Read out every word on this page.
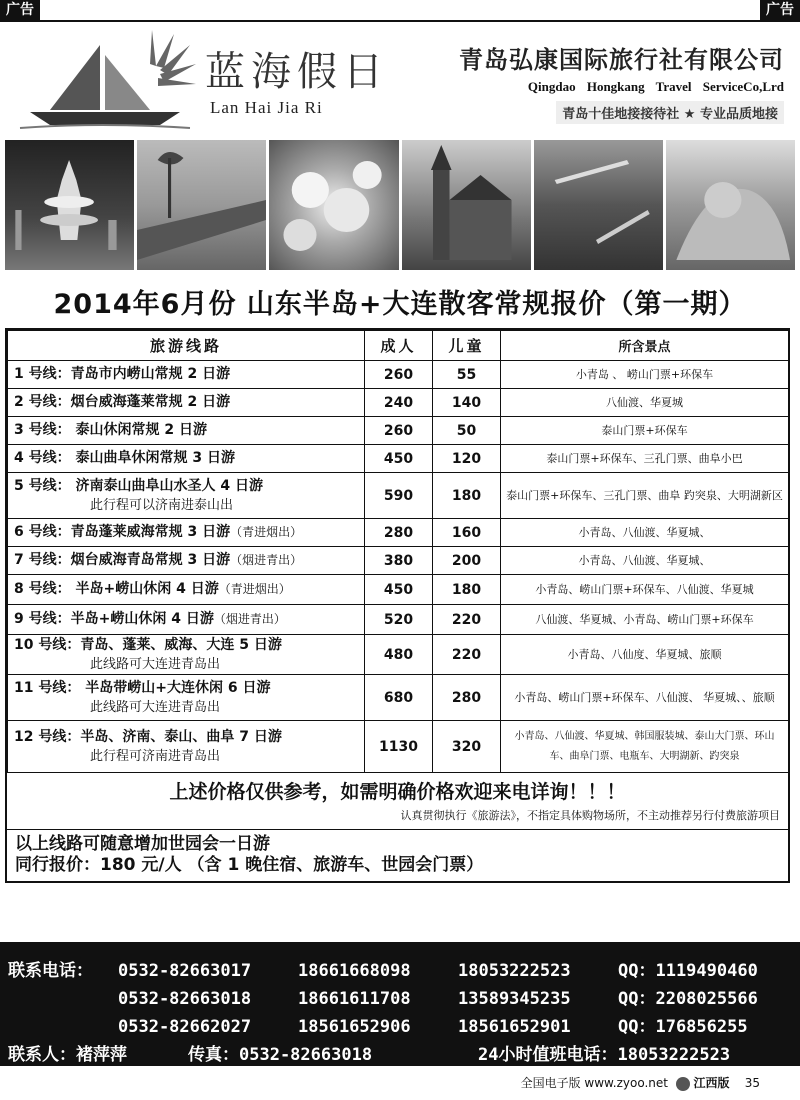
广告	广告
蓝海假日
Lan Hai Jia Ri
青岛弘康国际旅行社有限公司
Qingdao Hongkang Travel ServiceCo,Lrd
青岛十佳地接接待社 ★ 专业品质地接
2014年6月份 山东半岛+大连散客常规报价（第一期）
旅游线路	成人	儿童	所含景点
1 号线：青岛市内崂山常规 2 日游	260	55	小青岛 、 崂山门票+环保车
2 号线：烟台威海蓬莱常规 2 日游	240	140	八仙渡、华夏城
3 号线： 泰山休闲常规 2 日游	260	50	泰山门票+环保车
4 号线： 泰山曲阜休闲常规 3 日游	450	120	泰山门票+环保车、三孔门票、曲阜小巴
5 号线： 济南泰山曲阜山水圣人 4 日游
此行程可以济南进泰山出	590	180	泰山门票+环保车、三孔门票、曲阜 趵突泉、大明湖新区
6 号线：青岛蓬莱威海常规 3 日游（青进烟出）	280	160	小青岛、八仙渡、华夏城、
7 号线：烟台威海青岛常规 3 日游（烟进青出）	380	200	小青岛、八仙渡、华夏城、
8 号线： 半岛+崂山休闲 4 日游（青进烟出）	450	180	小青岛、崂山门票+环保车、八仙渡、华夏城
9 号线：半岛+崂山休闲 4 日游（烟进青出）	520	220	八仙渡、华夏城、小青岛、崂山门票+环保车
10 号线：青岛、蓬莱、威海、大连 5 日游
此线路可大连进青岛出	480	220	小青岛、八仙度、华夏城、旅顺
11 号线： 半岛带崂山+大连休闲 6 日游
此线路可大连进青岛出	680	280	小青岛、崂山门票+环保车、八仙渡、 华夏城、、旅顺
12 号线：半岛、济南、泰山、曲阜 7 日游
此行程可济南进青岛出	1130	320	小青岛、八仙渡、华夏城、韩国服装城、泰山大门票、环山车、曲阜门票、电瓶车、大明湖新、趵突泉
上述价格仅供参考，如需明确价格欢迎来电详询！！！
认真贯彻执行《旅游法》，不指定具体购物场所，不主动推荐另行付费旅游项目
以上线路可随意增加世园会一日游
同行报价：180 元/人 （含 1 晚住宿、旅游车、世园会门票）
联系电话： 0532-82663017	18661668098	18053222523	QQ：1119490460
0532-82663018	18661611708	13589345235	QQ：2208025566
0532-82662027	18561652906	18561652901	QQ：176856255
联系人：褚萍萍	传真：0532-82663018	24小时值班电话：18053222523
全国电子版 www.zyoo.net 江西版 35
